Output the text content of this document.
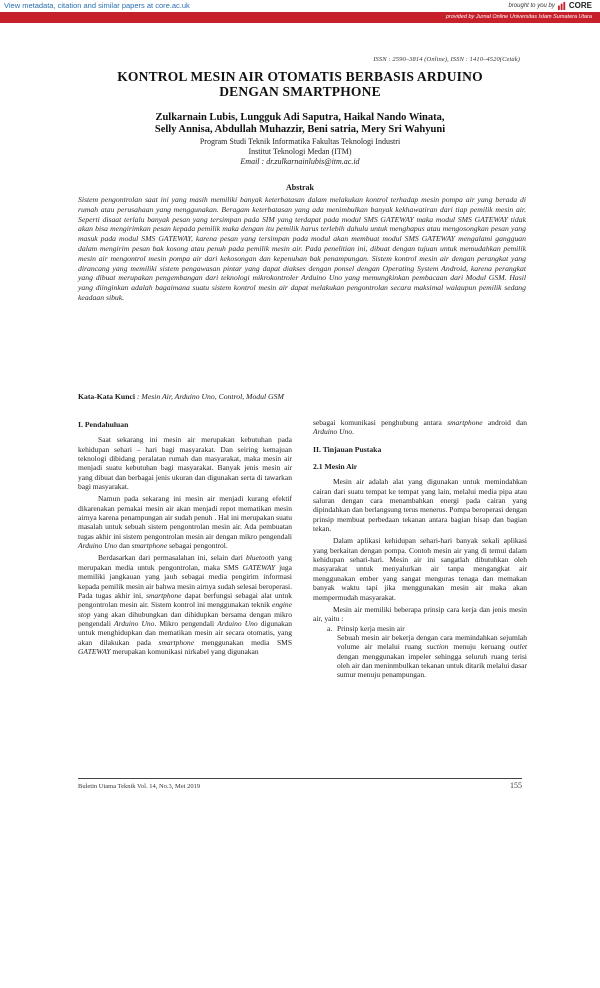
View metadata, citation and similar papers at core.ac.uk	brought to you by CORE
provided by Jurnal Online Universitas Islam Sumatera Utara
ISSN : 2590–3814 (Online), ISSN : 1410–4520(Cetak)
KONTROL MESIN AIR OTOMATIS BERBASIS ARDUINO
DENGAN SMARTPHONE
Zulkarnain Lubis, Lungguk Adi Saputra, Haikal Nando Winata,
Selly Annisa, Abdullah Muhazzir, Beni satria, Mery Sri Wahyuni
Program Studi Teknik Informatika Fakultas Teknologi Industri
Institut Teknologi Medan (ITM)
Email : dr.zulkarnainlubis@itm.ac.id
Abstrak
Sistem pengontrolan saat ini yang masih memiliki banyak keterbatasan dalam melakukan kontrol terhadap mesin pompa air yang berada di rumah atau perusahaan yang menggunakan. Beragam keterbatasan yang ada menimbulkan banyak kekhawatiran dari tiap pemilik mesin air. Seperti disaat terlalu banyak pesan yang tersimpan pada SIM yang terdapat pada modul SMS GATEWAY maka modul SMS GATEWAY tidak akan bisa mengirimkan pesan kepada pemilik maka dengan itu pemilik harus terlebih dahulu untuk menghapus atau mengosongkan pesan yang masuk pada modul SMS GATEWAY, karena pesan yang tersimpan pada modul akan membuat modul SMS GATEWAY mengalami gangguan dalam mengirim pesan bak kosong atau penuh pada pemilik mesin air. Pada penelitian ini, dibuat dengan tujuan untuk memudahkan pemilik mesin air mengontrol mesin pompa air dari kekosongan dan kepenuhan bak penampungan. Sistem kontrol mesin air dengan perangkat yang dirancang yang memiliki sistem pengawasan pintar yang dapat diakses dengan ponsel dengan Operating System Android, karena perangkat yang dibuat merupakan pengembangan dari teknologi mikrokontroler Arduino Uno yang memungkinkan pembacaan dari Modul GSM. Hasil yang diinginkan adalah bagaimana suatu sistem kontrol mesin air dapat melakukan pengontrolan secara maksimal walaupun pemilik sedang keadaan sibuk.
Kata-Kata Kunci : Mesin Air, Arduino Uno, Control, Modul GSM
I. Pendahuluan

Saat sekarang ini mesin air merupakan kebutuhan pada kehidupan sehari – hari bagi masyarakat. Dan seiring kemajuan teknologi dibidang peralatan rumah dan masyarakat, maka mesin air menjadi suatu kebutuhan bagi masyarakat. Banyak jenis mesin air yang dibuat dan berbagai jenis ukuran dan digunakan serta di tawarkan bagi masyarakat.

Namun pada sekarang ini mesin air menjadi kurang efektif dikarenakan pemakai mesin air akan menjadi repot mematikan mesin airnya karena penampungan air sudah penuh . Hal ini merupakan suatu masalah untuk sebuah sistem pengontrolan mesin air. Ada pembuatan tugas akhir ini sistem pengontrolan mesin air dengan mikro pengendali Arduino Uno dan smartphone sebagai pengontrol.

Berdasarkan dari permasalahan ini, selain dari bluetooth yang merupakan media untuk pengontrolan, maka SMS GATEWAY juga memiliki jangkauan yang jauh sebagai media pengirim informasi kepada pemilik mesin air bahwa mesin airnya sudah selesai beroperasi. Pada tugas akhir ini, smartphone dapat berfungsi sebagai alat untuk pengontrolan mesin air. Sistem kontrol ini menggunakan teknik engine stop yang akan dihubungkan dan dihidupkan bersama dengan mikro pengendali Arduino Uno. Mikro pengendali Arduino Uno digunakan untuk menghidupkan dan mematikan mesin air secara otomatis, yang akan dilakukan pada smartphone menggunakan media SMS GATEWAY merupakan komunikasi nirkabel yang digunakan

sebagai komunikasi penghubung antara smartphone android dan Arduino Uno.

II. Tinjauan Pustaka
2.1 Mesin Air

Mesin air adalah alat yang digunakan untuk memindahkan cairan dari suatu tempat ke tempat yang lain, melalui media pipa atau saluran dengan cara menambahkan energi pada cairan yang dipindahkan dan berlangsung terus menerus. Pompa beroperasi dengan prinsip membuat perbedaan tekanan antara bagian hisap dan bagian tekan.

Dalam aplikasi kehidupan sehari-hari banyak sekali aplikasi yang berkaitan dengan pompa. Contoh mesin air yang di temui dalam kehidupan sehari-hari. Mesin air ini sangatlah dibutuhkan oleh masyarakat untuk menyalurkan air tanpa mengangkat air menggunakan ember yang sangat menguras tenaga dan memakan banyak waktu tapi jika menggunakan mesin air maka akan mempermudah masyarakat.

Mesin air memiliki beberapa prinsip cara kerja dan jenis mesin air, yaitu :

a. Prinsip kerja mesin air

Sebuah mesin air bekerja dengan cara memindahkan sejumlah volume air melalui ruang suction menuju keruang outlet dengan menggunakan impeler sehingga seluruh ruang terisi oleh air dan meninmbulkan tekanan untuk ditarik melalui dasar sumur menuju penampungan.

Buletin Utama Teknik Vol. 14, No.3, Mei 2019	155
